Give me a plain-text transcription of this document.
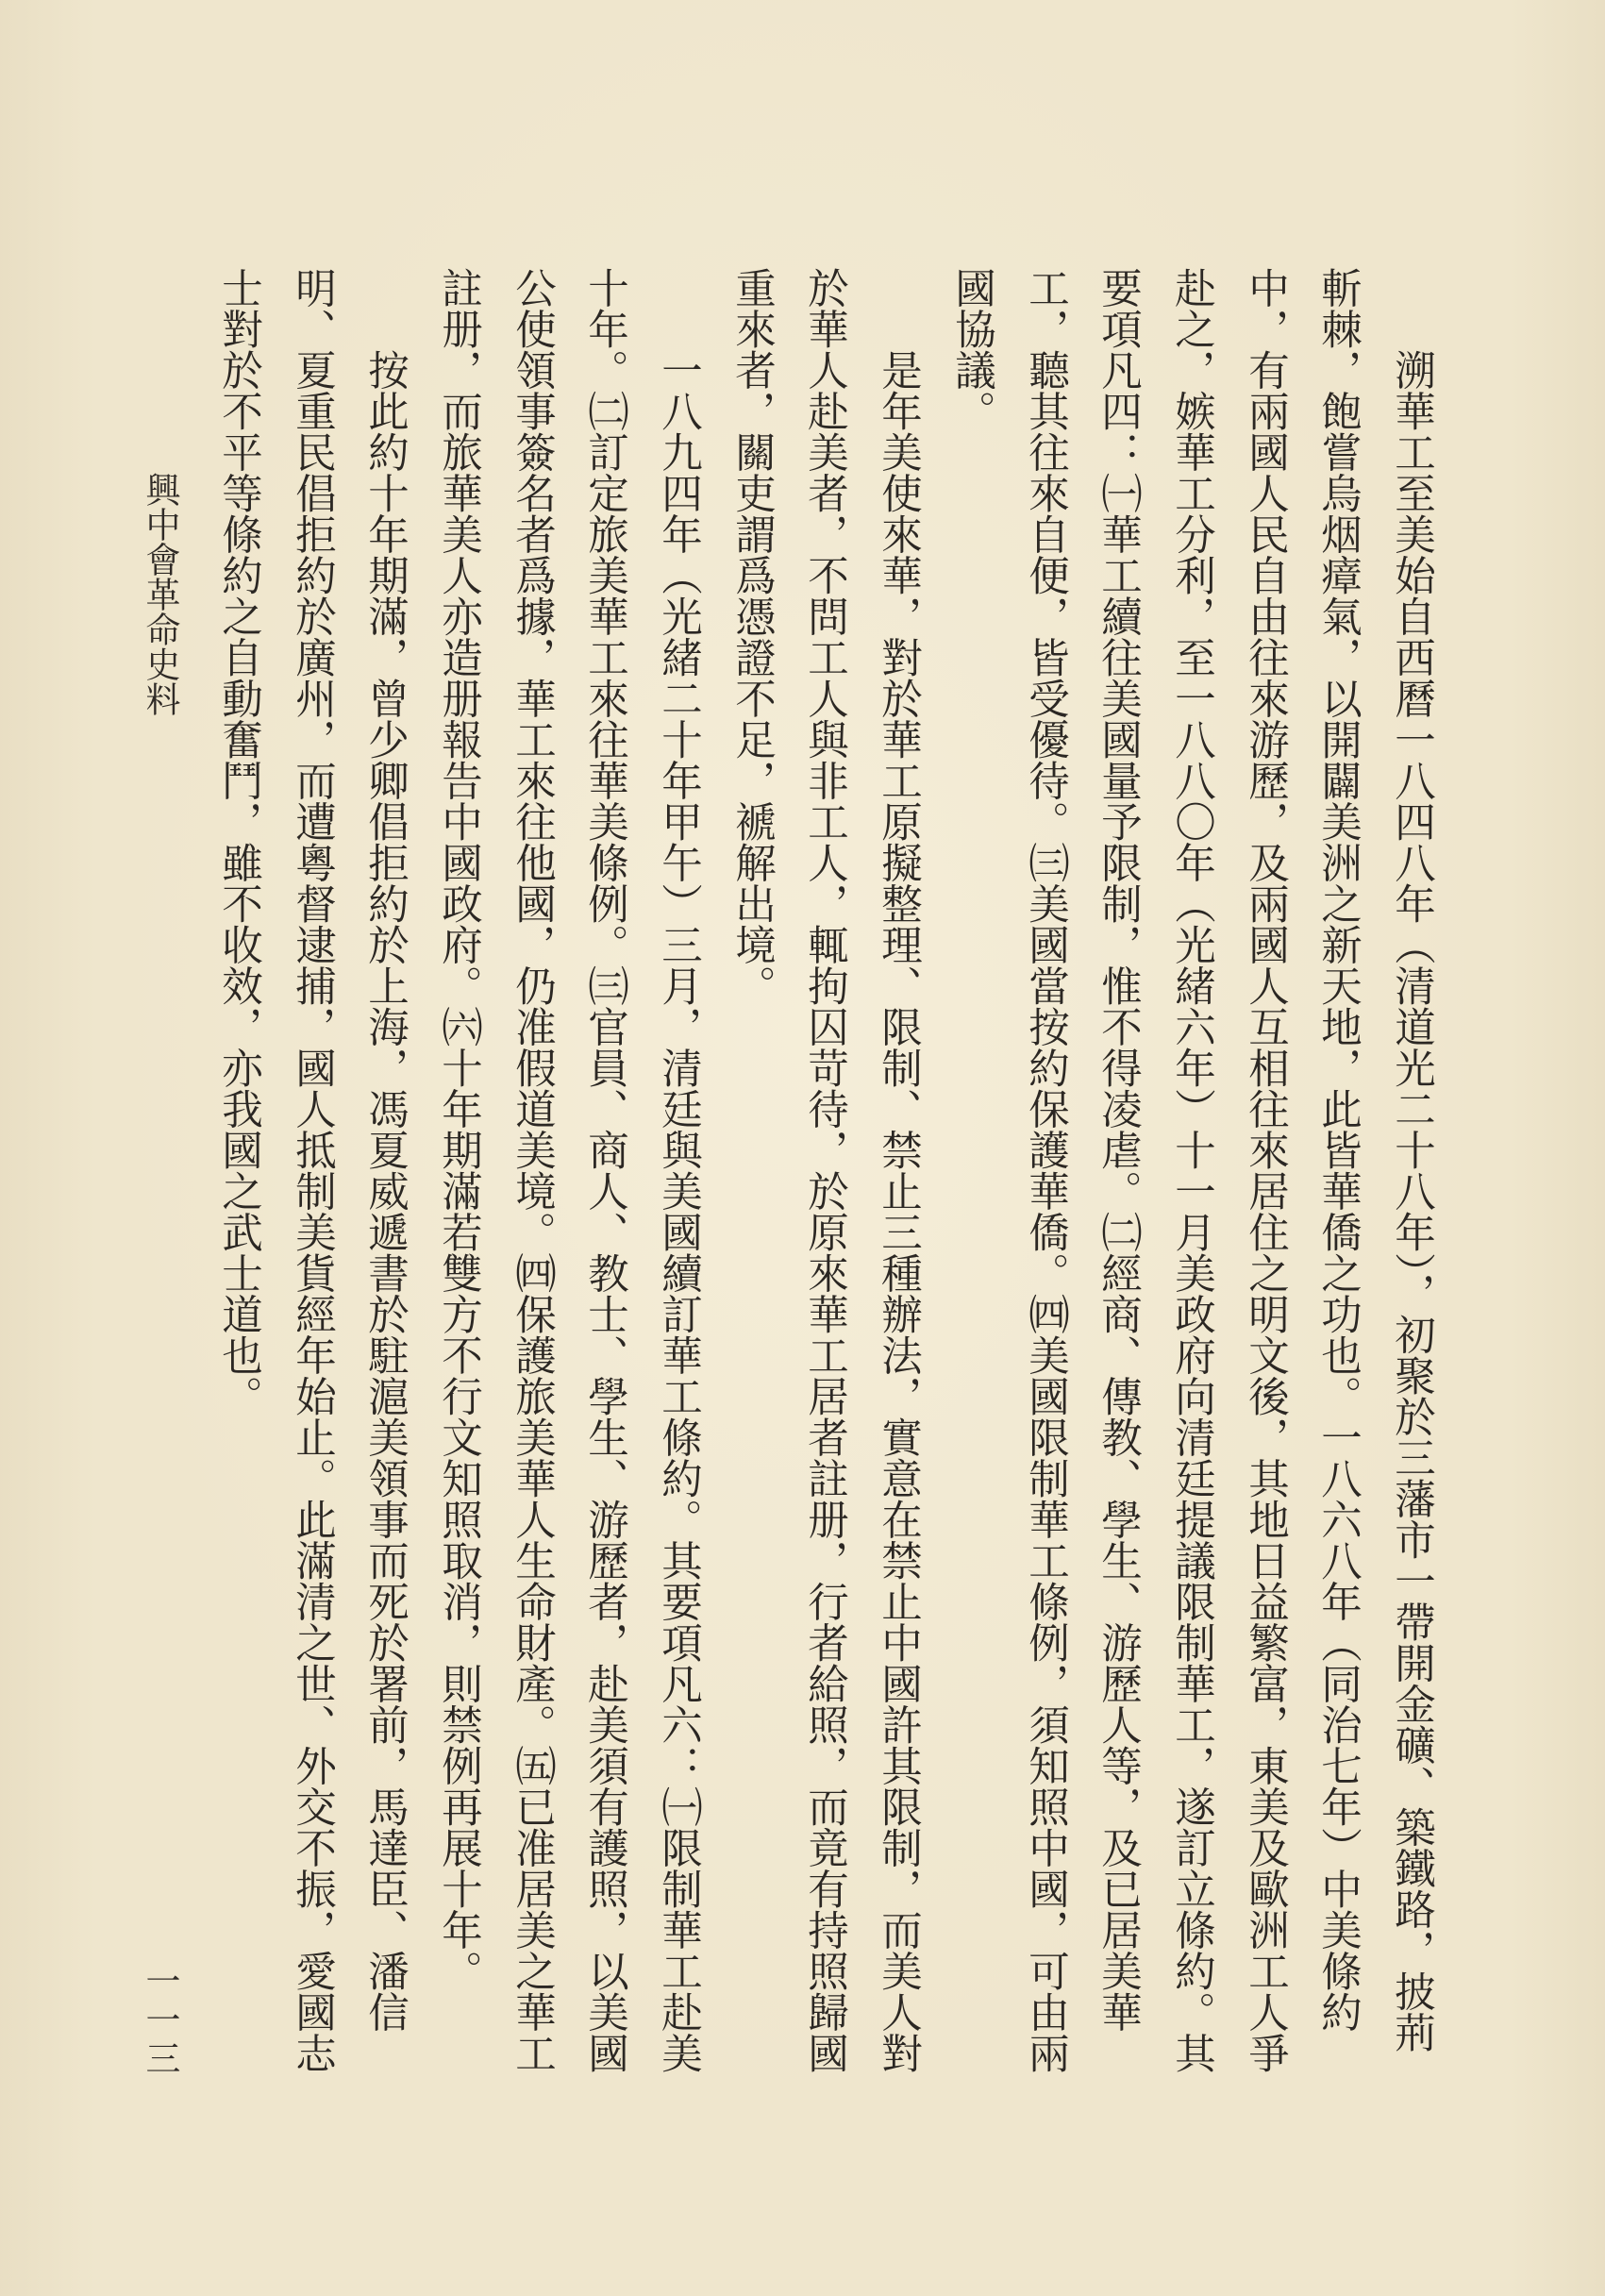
溯華工至美始自西曆一八四八年（清道光二十八年），初聚於三藩市一帶開金礦、築鐵路，披荊
斬棘，飽嘗烏烟瘴氣，以開闢美洲之新天地，此皆華僑之功也。一八六八年（同治七年）中美條約
中，有兩國人民自由往來游歷，及兩國人互相往來居住之明文後，其地日益繁富，東美及歐洲工人爭
赴之，嫉華工分利，至一八八〇年（光緒六年）十一月美政府向清廷提議限制華工，遂訂立條約。其
要項凡四：㈠華工續往美國量予限制，惟不得凌虐。㈡經商、傳教、學生、游歷人等，及已居美華
工，聽其往來自便，皆受優待。㈢美國當按約保護華僑。㈣美國限制華工條例，須知照中國，可由兩
國協議。
是年美使來華，對於華工原擬整理、限制、禁止三種辦法，實意在禁止中國許其限制，而美人對
於華人赴美者，不問工人與非工人，輒拘囚苛待，於原來華工居者註册，行者給照，而竟有持照歸國
重來者，關吏謂爲憑證不足，褫解出境。
一八九四年（光緒二十年甲午）三月，清廷與美國續訂華工條約。其要項凡六：㈠限制華工赴美
十年。㈡訂定旅美華工來往華美條例。㈢官員、商人、教士、學生、游歷者，赴美須有護照，以美國
公使領事簽名者爲據，華工來往他國，仍准假道美境。㈣保護旅美華人生命財產。㈤已准居美之華工
註册，而旅華美人亦造册報告中國政府。㈥十年期滿若雙方不行文知照取消，則禁例再展十年。
按此約十年期滿，曾少卿倡拒約於上海，馮夏威遞書於駐滬美領事而死於署前，馬達臣、潘信
明、夏重民倡拒約於廣州，而遭粵督逮捕，國人抵制美貨經年始止。此滿清之世、外交不振，愛國志
士對於不平等條約之自動奮鬥，雖不收效，亦我國之武士道也。
興中會革命史料
一一三
